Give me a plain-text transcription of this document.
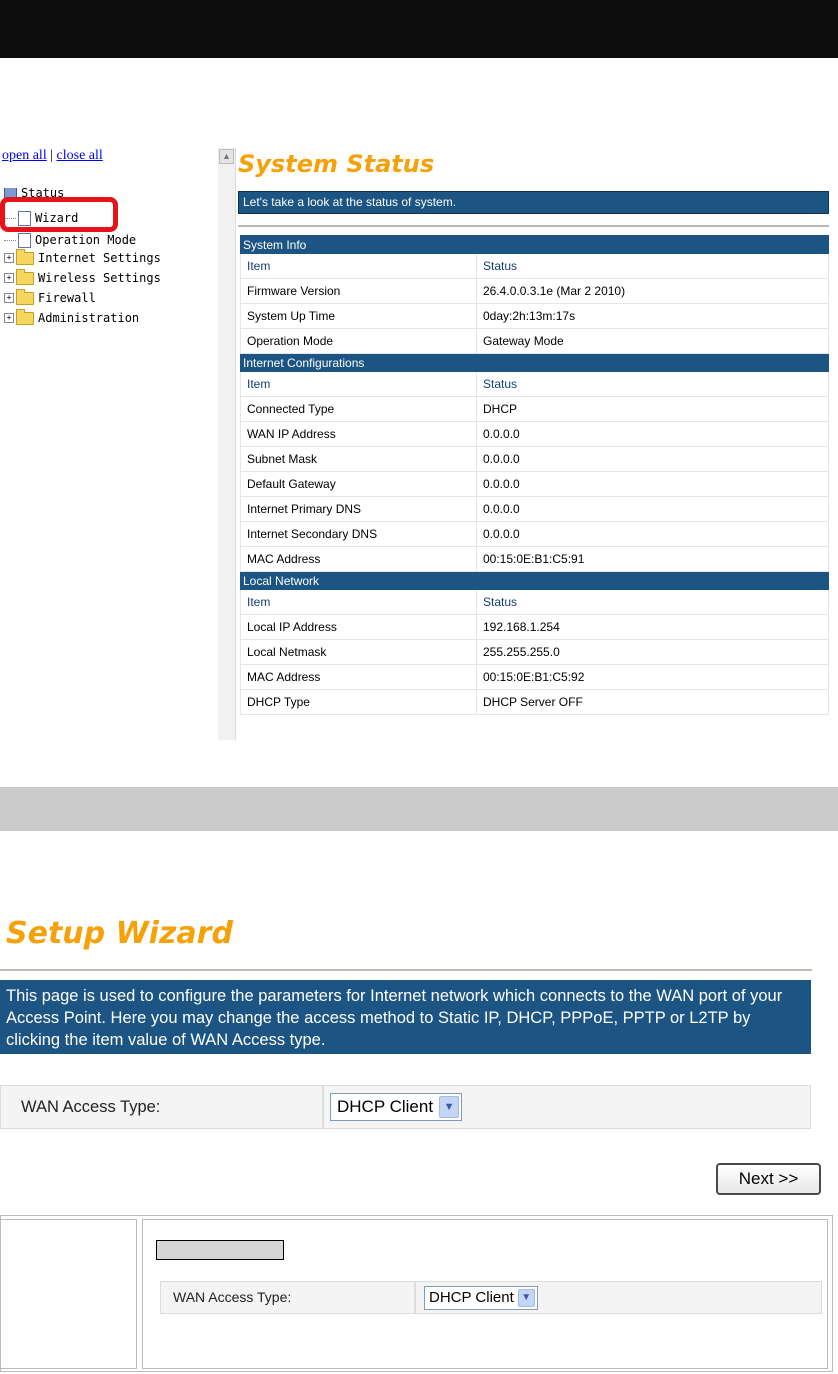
open all | close all
Status
Wizard
Operation Mode
+ Internet Settings
+ Wireless Settings
+ Firewall
+ Administration
▲ System Status
Let's take a look at the status of system.
System Info	
Item	Status
Firmware Version	26.4.0.0.3.1e (Mar 2 2010)
System Up Time	0day:2h:13m:17s
Operation Mode	Gateway Mode
Internet Configurations	
Item	Status
Connected Type	DHCP
WAN IP Address	0.0.0.0
Subnet Mask	0.0.0.0
Default Gateway	0.0.0.0
Internet Primary DNS	0.0.0.0
Internet Secondary DNS	0.0.0.0
MAC Address	00:15:0E:B1:C5:91
Local Network	
Item	Status
Local IP Address	192.168.1.254
Local Netmask	255.255.255.0
MAC Address	00:15:0E:B1:C5:92
DHCP Type	DHCP Server OFF
Setup Wizard
This page is used to configure the parameters for Internet network which connects to the WAN port of your Access Point. Here you may change the access method to Static IP, DHCP, PPPoE, PPTP or L2TP by clicking the item value of WAN Access type.
WAN Access Type:	DHCP Client ▼
Next >>
WAN Access Type:	DHCP Client ▼
